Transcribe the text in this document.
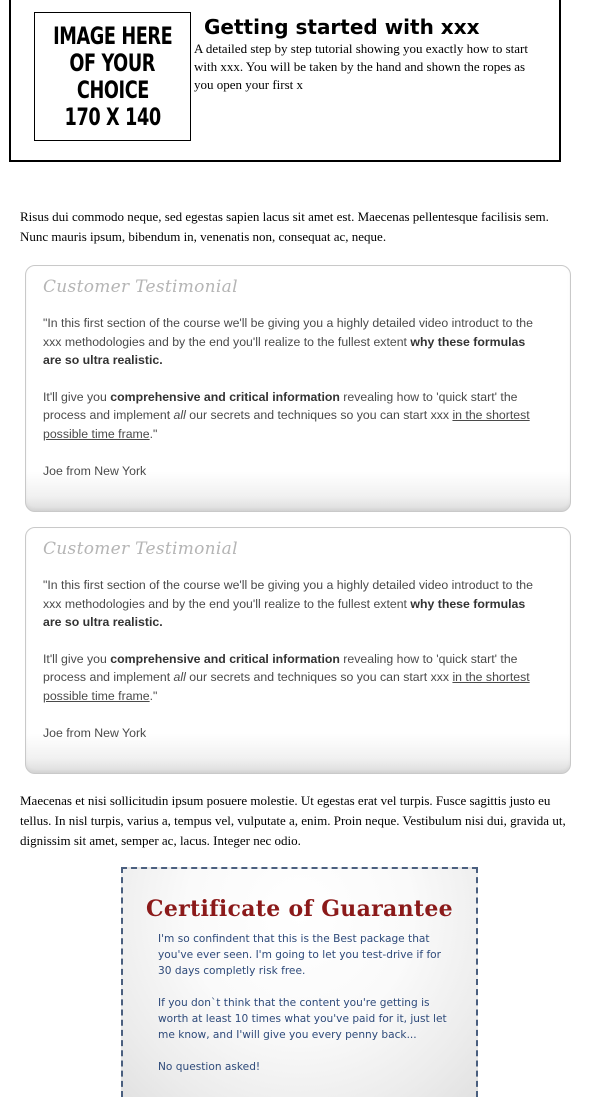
IMAGE HERE
OF YOUR
CHOICE
170 X 140
Getting started with xxx

A detailed step by step tutorial showing you exactly how to start with xxx. You will be taken by the hand and shown the ropes as you open your first x

Risus dui commodo neque, sed egestas sapien lacus sit amet est. Maecenas pellentesque facilisis sem. Nunc mauris ipsum, bibendum in, venenatis non, consequat ac, neque.

Customer Testimonial

"In this first section of the course we'll be giving you a highly detailed video introduct to the xxx methodologies and by the end you'll realize to the fullest extent why these formulas are so ultra realistic.

It'll give you comprehensive and critical information revealing how to 'quick start' the process and implement all our secrets and techniques so you can start xxx in the shortest possible time frame."

Joe from New York

Customer Testimonial

"In this first section of the course we'll be giving you a highly detailed video introduct to the xxx methodologies and by the end you'll realize to the fullest extent why these formulas are so ultra realistic.

It'll give you comprehensive and critical information revealing how to 'quick start' the process and implement all our secrets and techniques so you can start xxx in the shortest possible time frame."

Joe from New York

Maecenas et nisi sollicitudin ipsum posuere molestie. Ut egestas erat vel turpis. Fusce sagittis justo eu tellus. In nisl turpis, varius a, tempus vel, vulputate a, enim. Proin neque. Vestibulum nisi dui, gravida ut, dignissim sit amet, semper ac, lacus. Integer nec odio.

Certificate of Guarantee

I'm so confindent that this is the Best package that you've ever seen. I'm going to let you test-drive if for 30 days completly risk free.

If you don`t think that the content you're getting is worth at least 10 times what you've paid for it, just let me know, and I'will give you every penny back...

No question asked!
